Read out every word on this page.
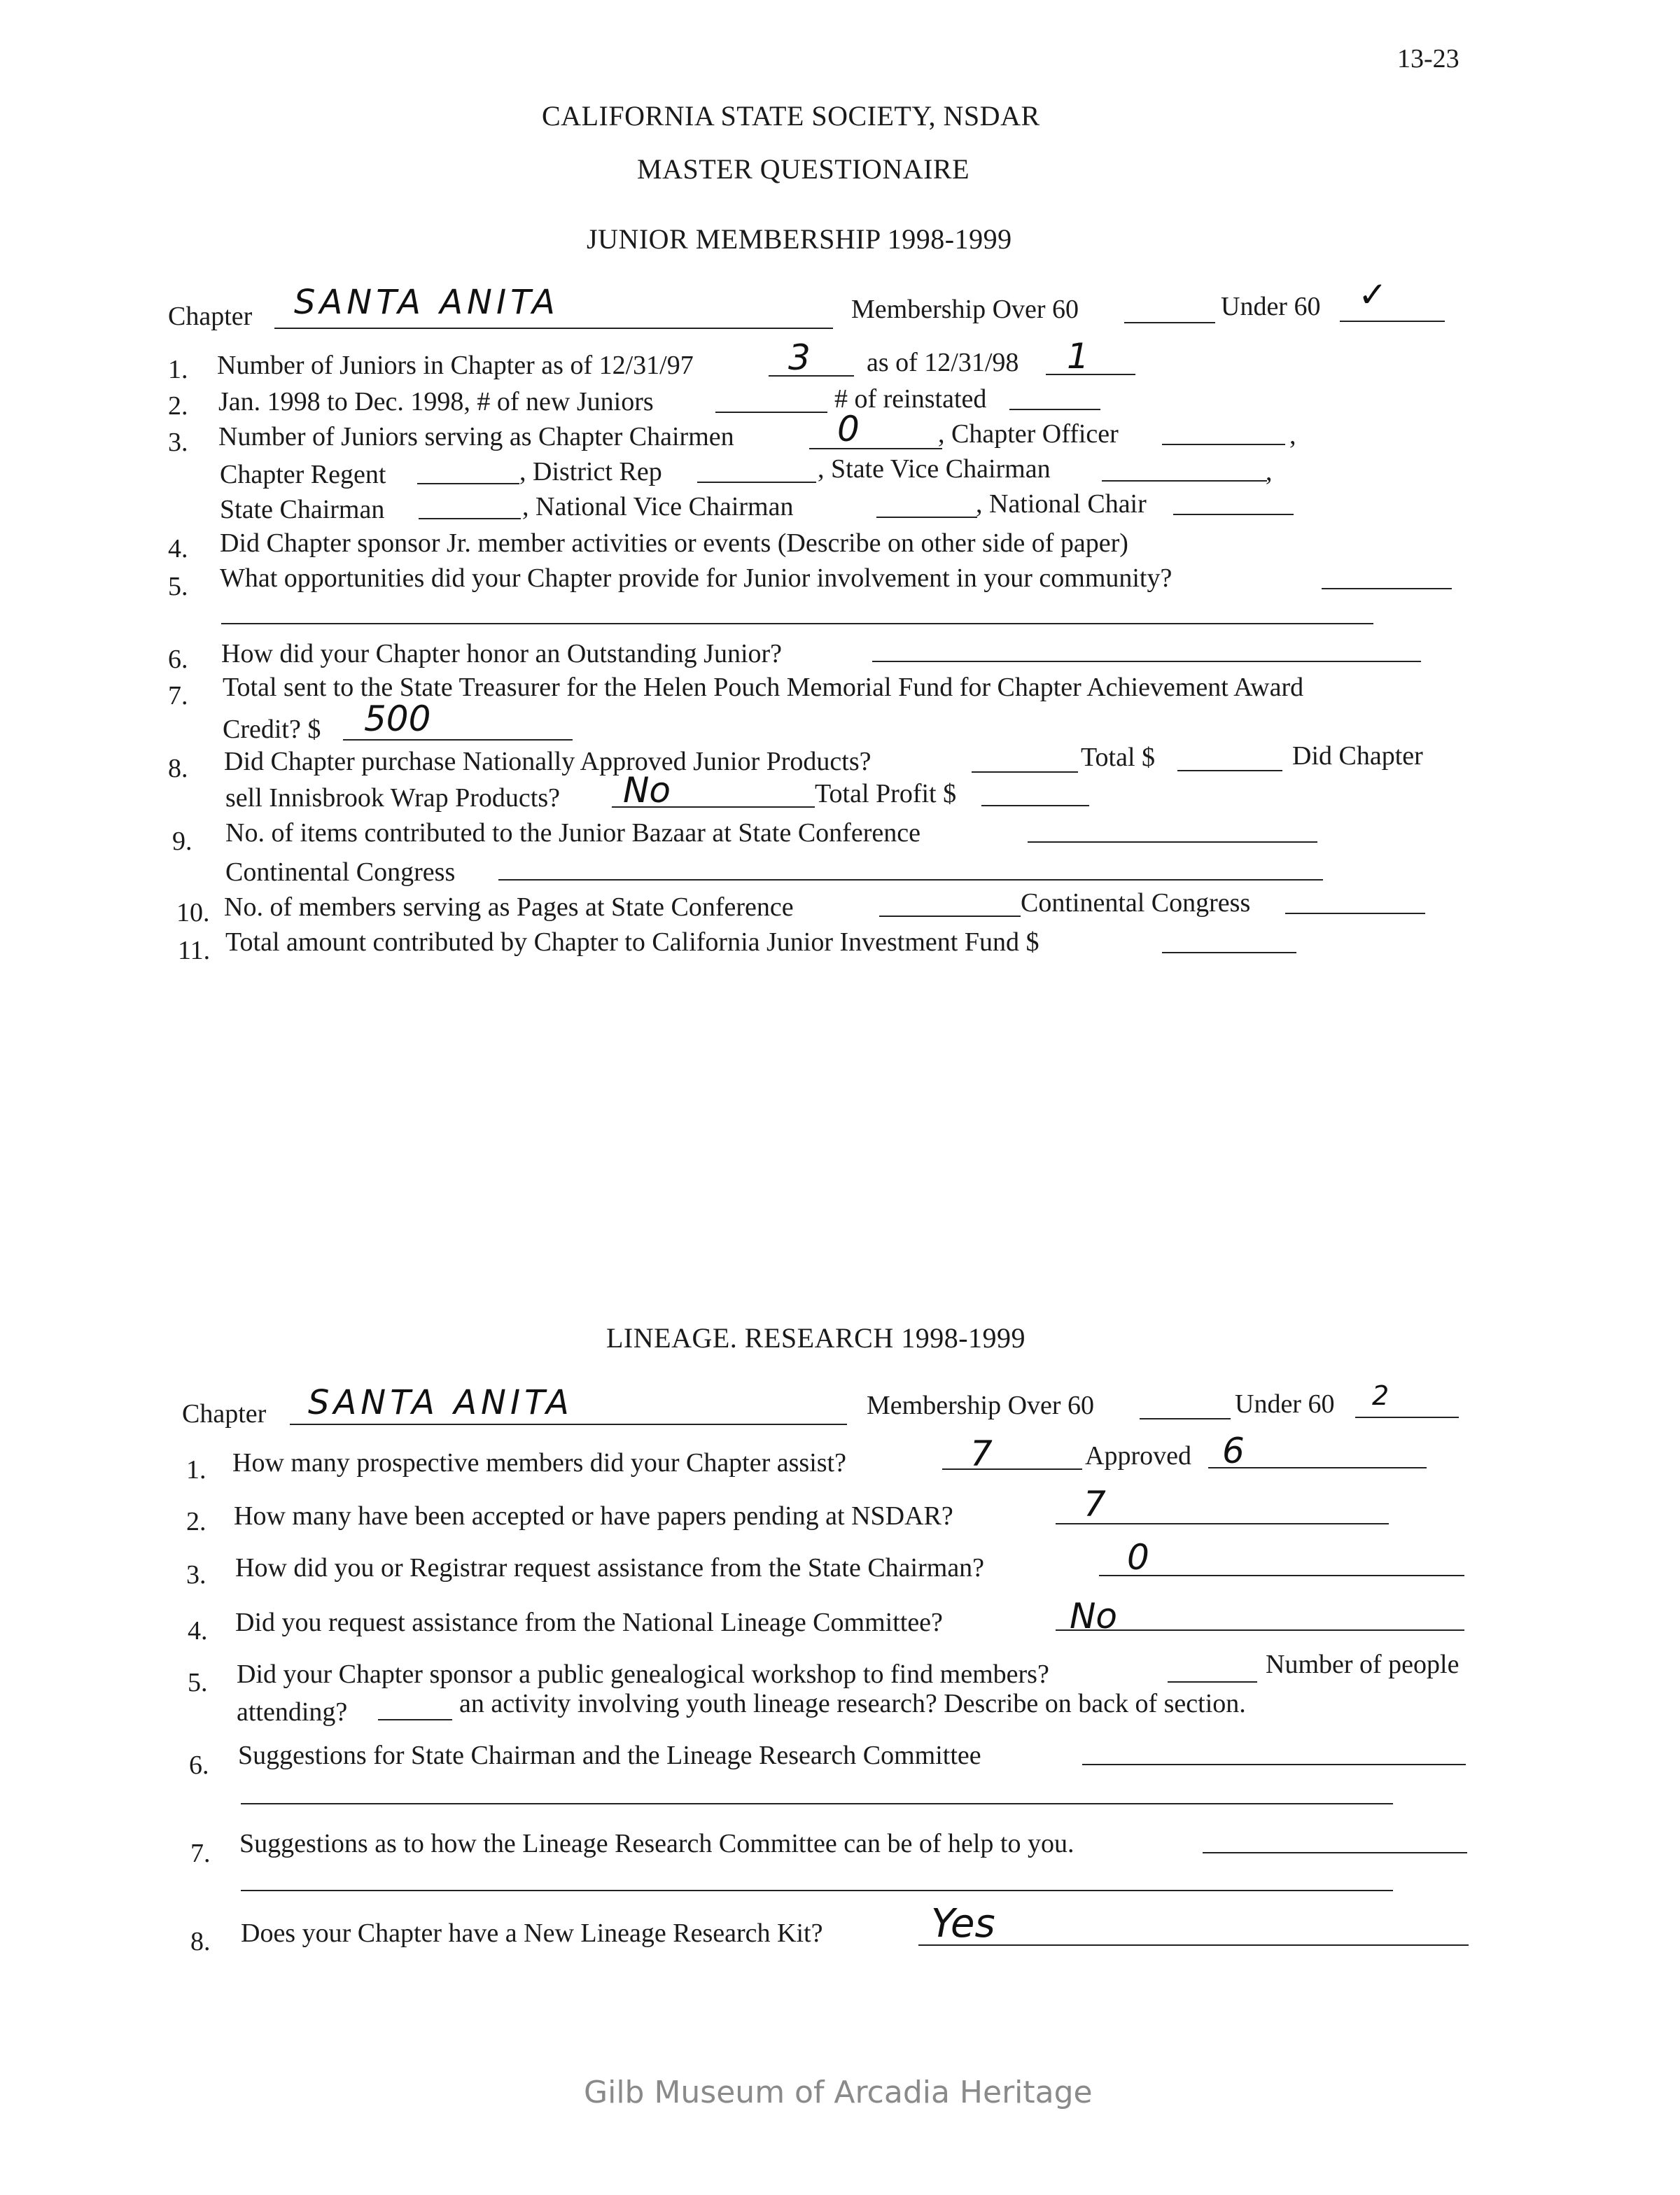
13-23
CALIFORNIA STATE SOCIETY, NSDAR
MASTER QUESTIONAIRE
JUNIOR MEMBERSHIP 1998-1999
Chapter SANTA ANITA	Membership Over 60	Under 60 ✓
1. Number of Juniors in Chapter as of 12/31/97	3 as of 12/31/98 1
2. Jan. 1998 to Dec. 1998, # of new Juniors	# of reinstated
3. Number of Juniors serving as Chapter Chairmen	0	, Chapter Officer	,
Chapter Regent	, District Rep	, State Vice Chairman	,
State Chairman	, National Vice Chairman	, National Chair
4. Did Chapter sponsor Jr. member activities or events (Describe on other side of paper)
5. What opportunities did your Chapter provide for Junior involvement in your community?
6. How did your Chapter honor an Outstanding Junior?
7. Total sent to the State Treasurer for the Helen Pouch Memorial Fund for Chapter Achievement Award
Credit? $ 500
8. Did Chapter purchase Nationally Approved Junior Products?	Total $	Did Chapter
sell Innisbrook Wrap Products? No	Total Profit $
9. No. of items contributed to the Junior Bazaar at State Conference
Continental Congress
10. No. of members serving as Pages at State Conference	Continental Congress
11. Total amount contributed by Chapter to California Junior Investment Fund $
LINEAGE. RESEARCH 1998-1999
Chapter SANTA ANITA	Membership Over 60	Under 60 2
1. How many prospective members did your Chapter assist?	7	Approved 6
2. How many have been accepted or have papers pending at NSDAR?	7
3. How did you or Registrar request assistance from the State Chairman?	0
4. Did you request assistance from the National Lineage Committee?	No
5. Did your Chapter sponsor a public genealogical workshop to find members?	Number of people
attending?	an activity involving youth lineage research? Describe on back of section.
6. Suggestions for State Chairman and the Lineage Research Committee
7. Suggestions as to how the Lineage Research Committee can be of help to you.
8. Does your Chapter have a New Lineage Research Kit?	Yes
Gilb Museum of Arcadia Heritage
